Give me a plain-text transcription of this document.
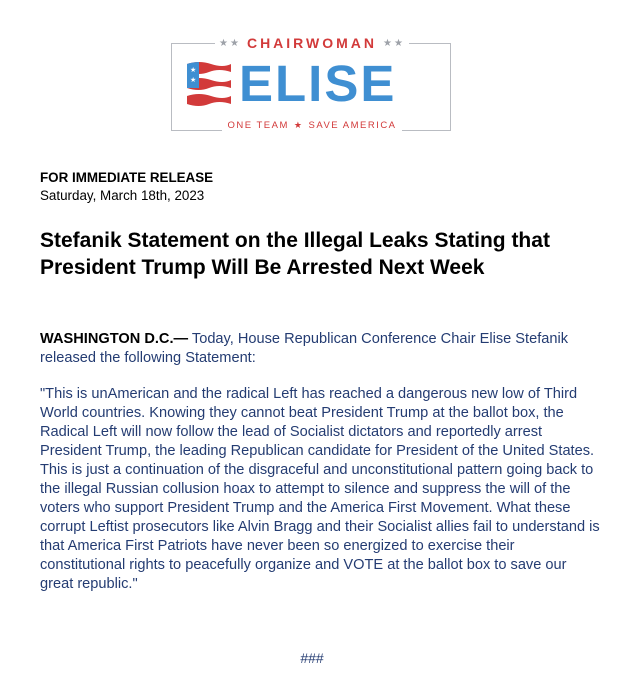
★★ CHAIRWOMAN ★★
★
★ ELISE
ONE TEAM ★ SAVE AMERICA
FOR IMMEDIATE RELEASE
Saturday, March 18th, 2023
Stefanik Statement on the Illegal Leaks Stating that President Trump Will Be Arrested Next Week
WASHINGTON D.C.— Today, House Republican Conference Chair Elise Stefanik released the following Statement:
"This is unAmerican and the radical Left has reached a dangerous new low of Third World countries. Knowing they cannot beat President Trump at the ballot box, the Radical Left will now follow the lead of Socialist dictators and reportedly arrest President Trump, the leading Republican candidate for President of the United States. This is just a continuation of the disgraceful and unconstitutional pattern going back to the illegal Russian collusion hoax to attempt to silence and suppress the will of the voters who support President Trump and the America First Movement. What these corrupt Leftist prosecutors like Alvin Bragg and their Socialist allies fail to understand is that America First Patriots have never been so energized to exercise their constitutional rights to peacefully organize and VOTE at the ballot box to save our great republic."
###
